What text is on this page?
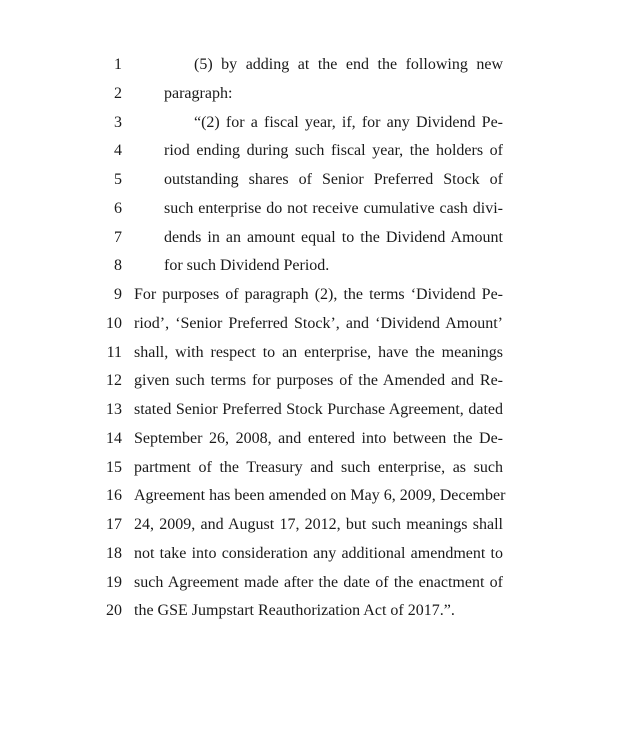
1	(5) by adding at the end the following new
2	paragraph:
3	“(2) for a fiscal year, if, for any Dividend Pe-
4	riod ending during such fiscal year, the holders of
5	outstanding shares of Senior Preferred Stock of
6	such enterprise do not receive cumulative cash divi-
7	dends in an amount equal to the Dividend Amount
8	for such Dividend Period.
9 For purposes of paragraph (2), the terms ‘Dividend Pe-
10 riod’, ‘Senior Preferred Stock’, and ‘Dividend Amount’
11 shall, with respect to an enterprise, have the meanings
12 given such terms for purposes of the Amended and Re-
13 stated Senior Preferred Stock Purchase Agreement, dated
14 September 26, 2008, and entered into between the De-
15 partment of the Treasury and such enterprise, as such
16 Agreement has been amended on May 6, 2009, December
17 24, 2009, and August 17, 2012, but such meanings shall
18 not take into consideration any additional amendment to
19 such Agreement made after the date of the enactment of
20 the GSE Jumpstart Reauthorization Act of 2017.”.
